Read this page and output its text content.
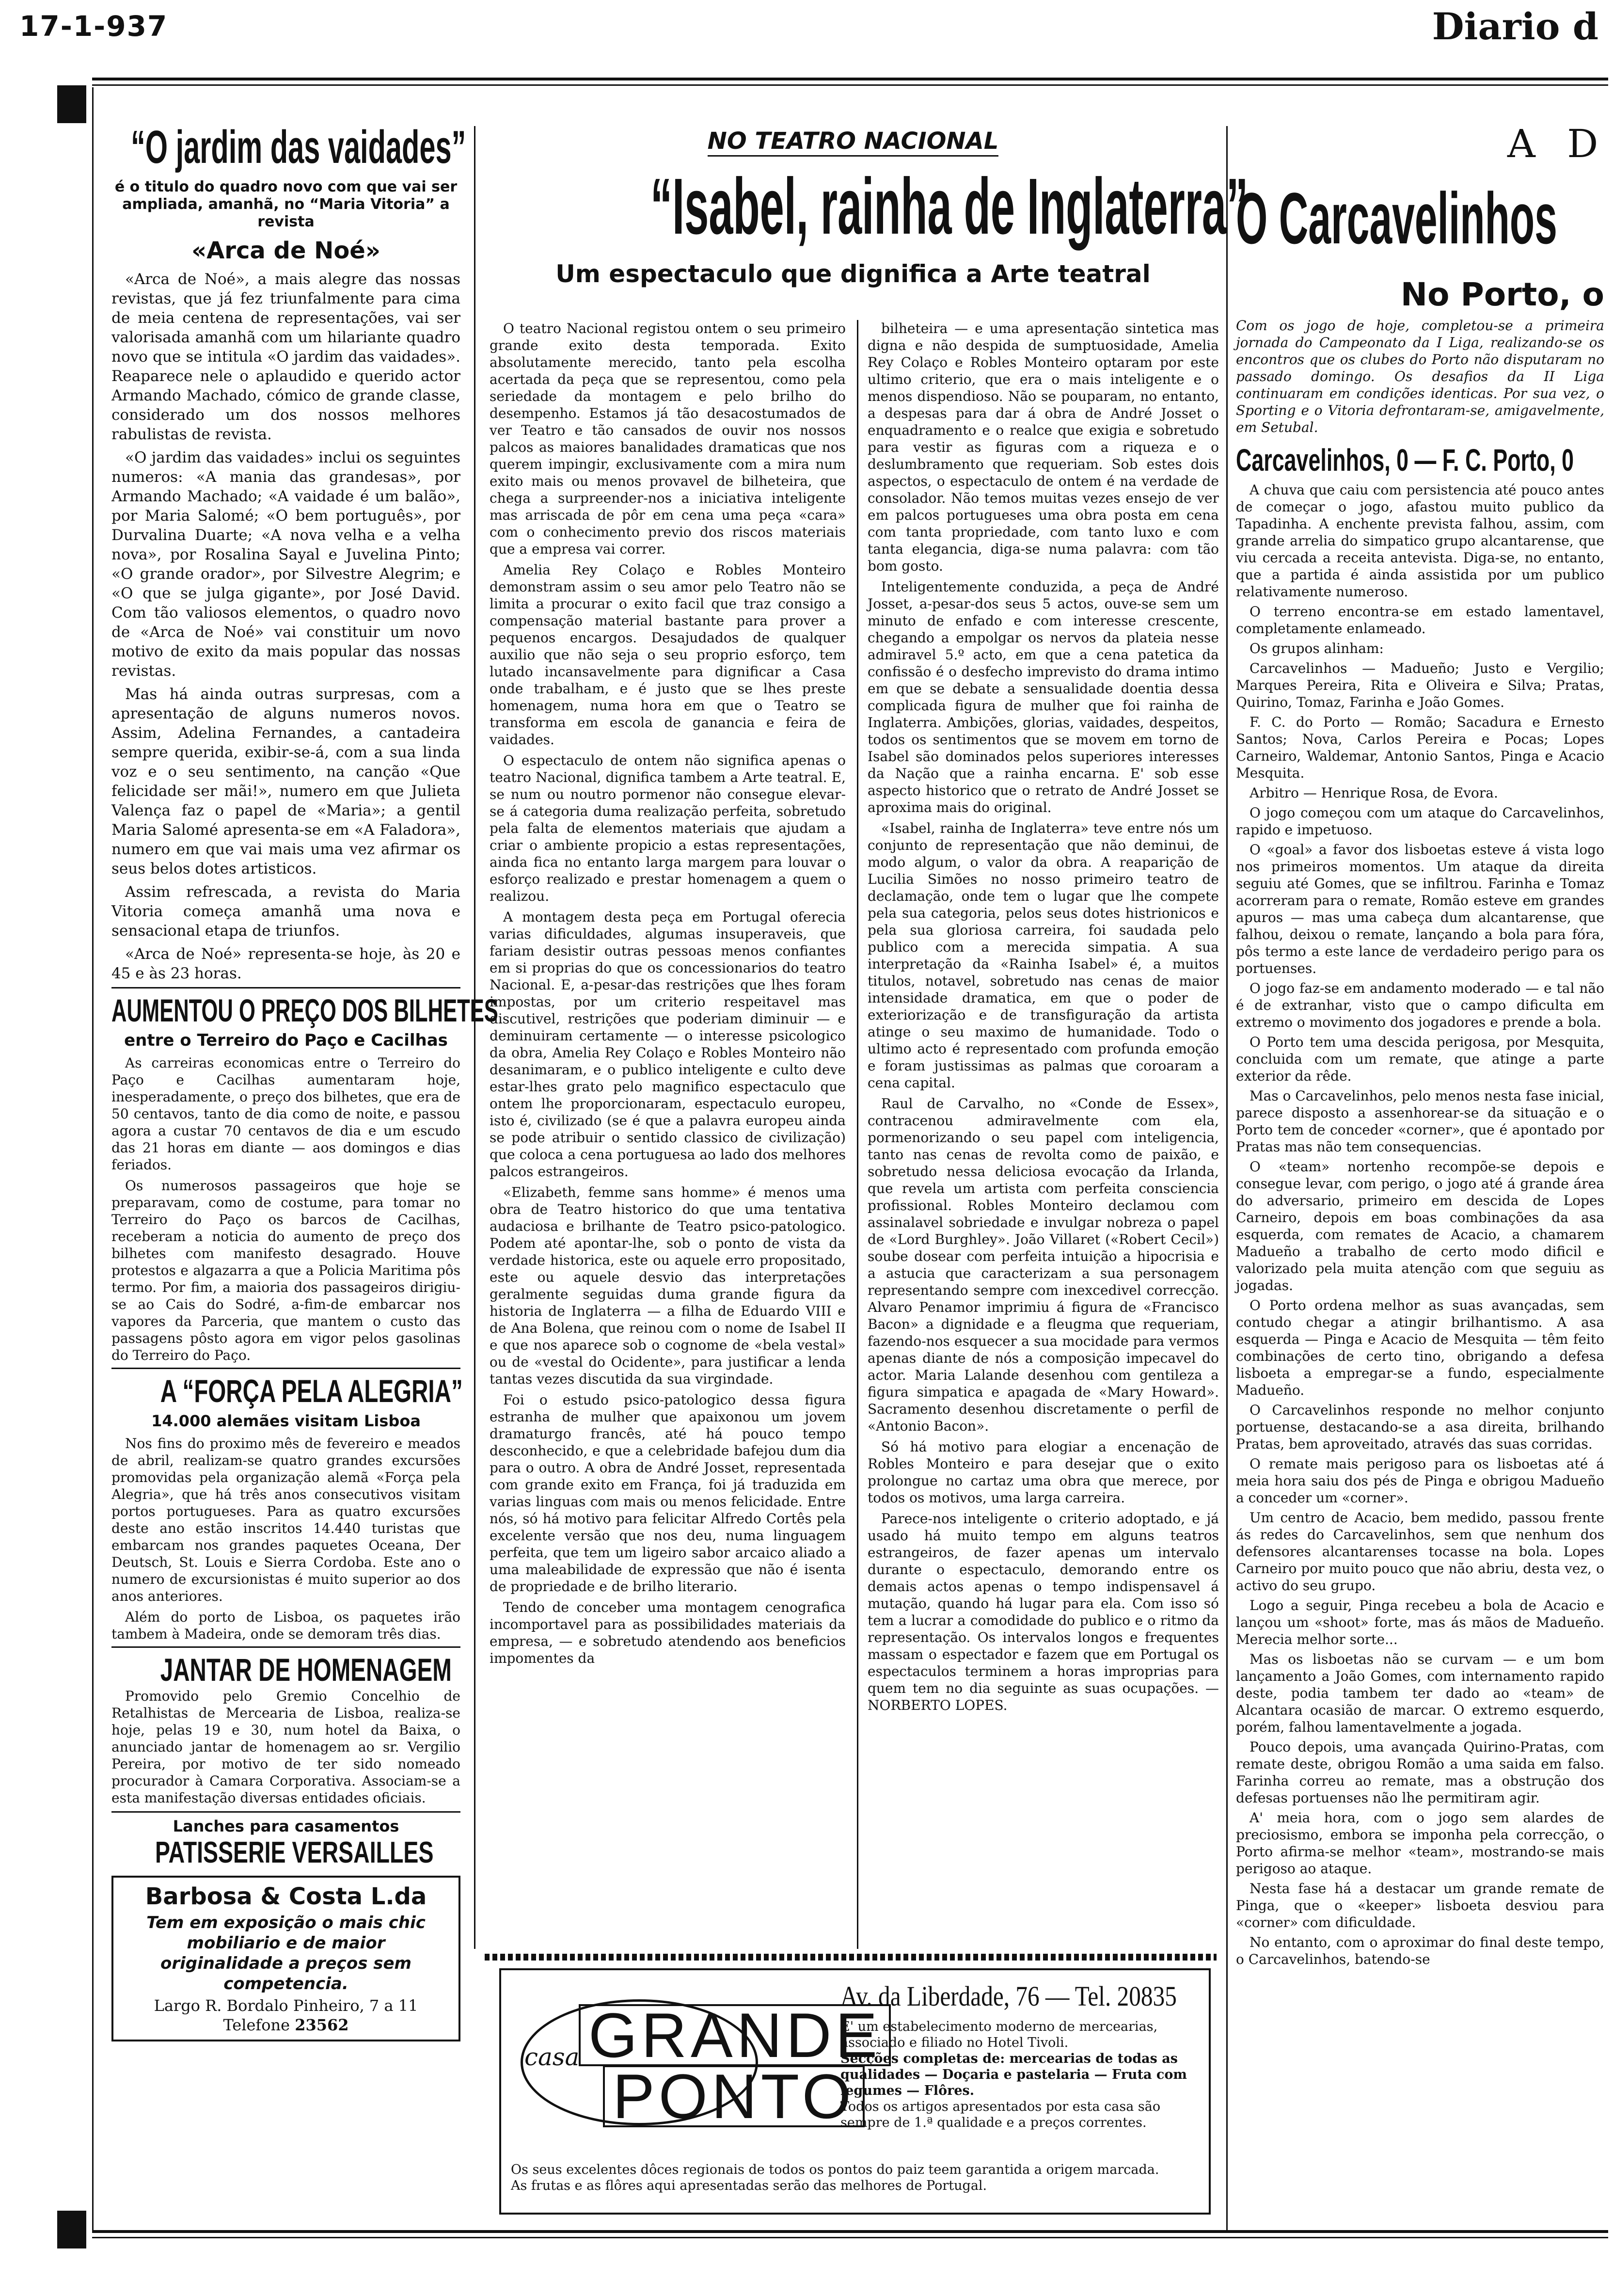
17-1-937	Diario d
“O jardim das vaidades”
é o titulo do quadro novo com que vai ser ampliada, amanhã, no “Maria Vitoria” a revista
«Arca de Noé»

«Arca de Noé», a mais alegre das nossas revistas, que já fez triunfalmente para cima de meia centena de representações, vai ser valorisada amanhã com um hilariante quadro novo que se intitula «O jardim das vaidades». Reaparece nele o aplaudido e querido actor Armando Machado, cómico de grande classe, considerado um dos nossos melhores rabulistas de revista.

«O jardim das vaidades» inclui os seguintes numeros: «A mania das grandesas», por Armando Machado; «A vaidade é um balão», por Maria Salomé; «O bem português», por Durvalina Duarte; «A nova velha e a velha nova», por Rosalina Sayal e Juvelina Pinto; «O grande orador», por Silvestre Alegrim; e «O que se julga gigante», por José David. Com tão valiosos elementos, o quadro novo de «Arca de Noé» vai constituir um novo motivo de exito da mais popular das nossas revistas.

Mas há ainda outras surpresas, com a apresentação de alguns numeros novos. Assim, Adelina Fernandes, a cantadeira sempre querida, exibir-se-á, com a sua linda voz e o seu sentimento, na canção «Que felicidade ser mãi!», numero em que Julieta Valença faz o papel de «Maria»; a gentil Maria Salomé apresenta-se em «A Faladora», numero em que vai mais uma vez afirmar os seus belos dotes artisticos.

Assim refrescada, a revista do Maria Vitoria começa amanhã uma nova e sensacional etapa de triunfos.

«Arca de Noé» representa-se hoje, às 20 e 45 e às 23 horas.

AUMENTOU O PREÇO DOS BILHETES
entre o Terreiro do Paço e Cacilhas

As carreiras economicas entre o Terreiro do Paço e Cacilhas aumentaram hoje, inesperadamente, o preço dos bilhetes, que era de 50 centavos, tanto de dia como de noite, e passou agora a custar 70 centavos de dia e um escudo das 21 horas em diante — aos domingos e dias feriados.

Os numerosos passageiros que hoje se preparavam, como de costume, para tomar no Terreiro do Paço os barcos de Cacilhas, receberam a noticia do aumento de preço dos bilhetes com manifesto desagrado. Houve protestos e algazarra a que a Policia Maritima pôs termo. Por fim, a maioria dos passageiros dirigiu-se ao Cais do Sodré, a-fim-de embarcar nos vapores da Parceria, que mantem o custo das passagens pôsto agora em vigor pelos gasolinas do Terreiro do Paço.

A “FORÇA PELA ALEGRIA”
14.000 alemães visitam Lisboa

Nos fins do proximo mês de fevereiro e meados de abril, realizam-se quatro grandes excursões promovidas pela organização alemã «Força pela Alegria», que há três anos consecutivos visitam portos portugueses. Para as quatro excursões deste ano estão inscritos 14.440 turistas que embarcam nos grandes paquetes Oceana, Der Deutsch, St. Louis e Sierra Cordoba. Este ano o numero de excursionistas é muito superior ao dos anos anteriores.

Além do porto de Lisboa, os paquetes irão tambem à Madeira, onde se demoram três dias.

JANTAR DE HOMENAGEM

Promovido pelo Gremio Concelhio de Retalhistas de Mercearia de Lisboa, realiza-se hoje, pelas 19 e 30, num hotel da Baixa, o anunciado jantar de homenagem ao sr. Vergilio Pereira, por motivo de ter sido nomeado procurador à Camara Corporativa. Associam-se a esta manifestação diversas entidades oficiais.

Lanches para casamentos
PATISSERIE VERSAILLES
Barbosa & Costa L.da
Tem em exposição o mais chic mobiliario e de maior originalidade a preços sem competencia.
Largo R. Bordalo Pinheiro, 7 a 11
Telefone 23562
NO TEATRO NACIONAL
“Isabel, rainha de Inglaterra”
Um espectaculo que dignifica a Arte teatral

O teatro Nacional registou ontem o seu primeiro grande exito desta temporada. Exito absolutamente merecido, tanto pela escolha acertada da peça que se representou, como pela seriedade da montagem e pelo brilho do desempenho. Estamos já tão desacostumados de ver Teatro e tão cansados de ouvir nos nossos palcos as maiores banalidades dramaticas que nos querem impingir, exclusivamente com a mira num exito mais ou menos provavel de bilheteira, que chega a surpreender-nos a iniciativa inteligente mas arriscada de pôr em cena uma peça «cara» com o conhecimento previo dos riscos materiais que a empresa vai correr.

Amelia Rey Colaço e Robles Monteiro demonstram assim o seu amor pelo Teatro não se limita a procurar o exito facil que traz consigo a compensação material bastante para prover a pequenos encargos. Desajudados de qualquer auxilio que não seja o seu proprio esforço, tem lutado incansavelmente para dignificar a Casa onde trabalham, e é justo que se lhes preste homenagem, numa hora em que o Teatro se transforma em escola de ganancia e feira de vaidades.

O espectaculo de ontem não significa apenas o teatro Nacional, dignifica tambem a Arte teatral. E, se num ou noutro pormenor não consegue elevar-se á categoria duma realização perfeita, sobretudo pela falta de elementos materiais que ajudam a criar o ambiente propicio a estas representações, ainda fica no entanto larga margem para louvar o esforço realizado e prestar homenagem a quem o realizou.

A montagem desta peça em Portugal oferecia varias dificuldades, algumas insuperaveis, que fariam desistir outras pessoas menos confiantes em si proprias do que os concessionarios do teatro Nacional. E, a-pesar-das restrições que lhes foram impostas, por um criterio respeitavel mas discutivel, restrições que poderiam diminuir — e deminuiram certamente — o interesse psicologico da obra, Amelia Rey Colaço e Robles Monteiro não desanimaram, e o publico inteligente e culto deve estar-lhes grato pelo magnifico espectaculo que ontem lhe proporcionaram, espectaculo europeu, isto é, civilizado (se é que a palavra europeu ainda se pode atribuir o sentido classico de civilização) que coloca a cena portuguesa ao lado dos melhores palcos estrangeiros.

«Elizabeth, femme sans homme» é menos uma obra de Teatro historico do que uma tentativa audaciosa e brilhante de Teatro psico-patologico. Podem até apontar-lhe, sob o ponto de vista da verdade historica, este ou aquele erro propositado, este ou aquele desvio das interpretações geralmente seguidas duma grande figura da historia de Inglaterra — a filha de Eduardo VIII e de Ana Bolena, que reinou com o nome de Isabel II e que nos aparece sob o cognome de «bela vestal» ou de «vestal do Ocidente», para justificar a lenda tantas vezes discutida da sua virgindade.

Foi o estudo psico-patologico dessa figura estranha de mulher que apaixonou um jovem dramaturgo francês, até há pouco tempo desconhecido, e que a celebridade bafejou dum dia para o outro. A obra de André Josset, representada com grande exito em França, foi já traduzida em varias linguas com mais ou menos felicidade. Entre nós, só há motivo para felicitar Alfredo Cortês pela excelente versão que nos deu, numa linguagem perfeita, que tem um ligeiro sabor arcaico aliado a uma maleabilidade de expressão que não é isenta de propriedade e de brilho literario.

Tendo de conceber uma montagem cenografica incomportavel para as possibilidades materiais da empresa, — e sobretudo atendendo aos beneficios impomentes da

bilheteira — e uma apresentação sintetica mas digna e não despida de sumptuosidade, Amelia Rey Colaço e Robles Monteiro optaram por este ultimo criterio, que era o mais inteligente e o menos dispendioso. Não se pouparam, no entanto, a despesas para dar á obra de André Josset o enquadramento e o realce que exigia e sobretudo para vestir as figuras com a riqueza e o deslumbramento que requeriam. Sob estes dois aspectos, o espectaculo de ontem é na verdade de consolador. Não temos muitas vezes ensejo de ver em palcos portugueses uma obra posta em cena com tanta propriedade, com tanto luxo e com tanta elegancia, diga-se numa palavra: com tão bom gosto.

Inteligentemente conduzida, a peça de André Josset, a-pesar-dos seus 5 actos, ouve-se sem um minuto de enfado e com interesse crescente, chegando a empolgar os nervos da plateia nesse admiravel 5.º acto, em que a cena patetica da confissão é o desfecho imprevisto do drama intimo em que se debate a sensualidade doentia dessa complicada figura de mulher que foi rainha de Inglaterra. Ambições, glorias, vaidades, despeitos, todos os sentimentos que se movem em torno de Isabel são dominados pelos superiores interesses da Nação que a rainha encarna. E' sob esse aspecto historico que o retrato de André Josset se aproxima mais do original.

«Isabel, rainha de Inglaterra» teve entre nós um conjunto de representação que não deminui, de modo algum, o valor da obra. A reaparição de Lucilia Simões no nosso primeiro teatro de declamação, onde tem o lugar que lhe compete pela sua categoria, pelos seus dotes histrionicos e pela sua gloriosa carreira, foi saudada pelo publico com a merecida simpatia. A sua interpretação da «Rainha Isabel» é, a muitos titulos, notavel, sobretudo nas cenas de maior intensidade dramatica, em que o poder de exteriorização e de transfiguração da artista atinge o seu maximo de humanidade. Todo o ultimo acto é representado com profunda emoção e foram justissimas as palmas que coroaram a cena capital.

Raul de Carvalho, no «Conde de Essex», contracenou admiravelmente com ela, pormenorizando o seu papel com inteligencia, tanto nas cenas de revolta como de paixão, e sobretudo nessa deliciosa evocação da Irlanda, que revela um artista com perfeita consciencia profissional. Robles Monteiro declamou com assinalavel sobriedade e invulgar nobreza o papel de «Lord Burghley». João Villaret («Robert Cecil») soube dosear com perfeita intuição a hipocrisia e a astucia que caracterizam a sua personagem representando sempre com inexcedivel correcção. Alvaro Penamor imprimiu á figura de «Francisco Bacon» a dignidade e a fleugma que requeriam, fazendo-nos esquecer a sua mocidade para vermos apenas diante de nós a composição impecavel do actor. Maria Lalande desenhou com gentileza a figura simpatica e apagada de «Mary Howard». Sacramento desenhou discretamente o perfil de «Antonio Bacon».

Só há motivo para elogiar a encenação de Robles Monteiro e para desejar que o exito prolongue no cartaz uma obra que merece, por todos os motivos, uma larga carreira.

Parece-nos inteligente o criterio adoptado, e já usado há muito tempo em alguns teatros estrangeiros, de fazer apenas um intervalo durante o espectaculo, demorando entre os demais actos apenas o tempo indispensavel á mutação, quando há lugar para ela. Com isso só tem a lucrar a comodidade do publico e o ritmo da representação. Os intervalos longos e frequentes massam o espectador e fazem que em Portugal os espectaculos terminem a horas improprias para quem tem no dia seguinte as suas ocupações. — NORBERTO LOPES.

casa GRANDE
PONTO
Av. da Liberdade, 76 — Tel. 20835
E' um estabelecimento moderno de mercearias, associado e filiado no Hotel Tivoli.
Secções completas de: mercearias de todas as qualidades — Doçaria e pastelaria — Fruta com legumes — Flôres.
Todos os artigos apresentados por esta casa são sempre de 1.ª qualidade e a preços correntes.
Os seus excelentes dôces regionais de todos os pontos do paiz teem garantida a origem marcada.
As frutas e as flôres aqui apresentadas serão das melhores de Portugal.
A D
O Carcavelinhos
No Porto, o

Com os jogo de hoje, completou-se a primeira jornada do Campeonato da I Liga, realizando-se os encontros que os clubes do Porto não disputaram no passado domingo. Os desafios da II Liga continuaram em condições identicas. Por sua vez, o Sporting e o Vitoria defrontaram-se, amigavelmente, em Setubal.

Carcavelinhos, 0 — F. C. Porto, 0

A chuva que caiu com persistencia até pouco antes de começar o jogo, afastou muito publico da Tapadinha. A enchente prevista falhou, assim, com grande arrelia do simpatico grupo alcantarense, que viu cercada a receita antevista. Diga-se, no entanto, que a partida é ainda assistida por um publico relativamente numeroso.

O terreno encontra-se em estado lamentavel, completamente enlameado.

Os grupos alinham:

Carcavelinhos — Madueño; Justo e Vergilio; Marques Pereira, Rita e Oliveira e Silva; Pratas, Quirino, Tomaz, Farinha e João Gomes.

F. C. do Porto — Romão; Sacadura e Ernesto Santos; Nova, Carlos Pereira e Pocas; Lopes Carneiro, Waldemar, Antonio Santos, Pinga e Acacio Mesquita.

Arbitro — Henrique Rosa, de Evora.

O jogo começou com um ataque do Carcavelinhos, rapido e impetuoso.

O «goal» a favor dos lisboetas esteve á vista logo nos primeiros momentos. Um ataque da direita seguiu até Gomes, que se infiltrou. Farinha e Tomaz acorreram para o remate, Romão esteve em grandes apuros — mas uma cabeça dum alcantarense, que falhou, deixou o remate, lançando a bola para fóra, pôs termo a este lance de verdadeiro perigo para os portuenses.

O jogo faz-se em andamento moderado — e tal não é de extranhar, visto que o campo dificulta em extremo o movimento dos jogadores e prende a bola.

O Porto tem uma descida perigosa, por Mesquita, concluida com um remate, que atinge a parte exterior da rêde.

Mas o Carcavelinhos, pelo menos nesta fase inicial, parece disposto a assenhorear-se da situação e o Porto tem de conceder «corner», que é apontado por Pratas mas não tem consequencias.

O «team» nortenho recompõe-se depois e consegue levar, com perigo, o jogo até á grande área do adversario, primeiro em descida de Lopes Carneiro, depois em boas combinações da asa esquerda, com remates de Acacio, a chamarem Madueño a trabalho de certo modo dificil e valorizado pela muita atenção com que seguiu as jogadas.

O Porto ordena melhor as suas avançadas, sem contudo chegar a atingir brilhantismo. A asa esquerda — Pinga e Acacio de Mesquita — têm feito combinações de certo tino, obrigando a defesa lisboeta a empregar-se a fundo, especialmente Madueño.

O Carcavelinhos responde no melhor conjunto portuense, destacando-se a asa direita, brilhando Pratas, bem aproveitado, através das suas corridas.

O remate mais perigoso para os lisboetas até á meia hora saiu dos pés de Pinga e obrigou Madueño a conceder um «corner».

Um centro de Acacio, bem medido, passou frente ás redes do Carcavelinhos, sem que nenhum dos defensores alcantarenses tocasse na bola. Lopes Carneiro por muito pouco que não abriu, desta vez, o activo do seu grupo.

Logo a seguir, Pinga recebeu a bola de Acacio e lançou um «shoot» forte, mas ás mãos de Madueño. Merecia melhor sorte...

Mas os lisboetas não se curvam — e um bom lançamento a João Gomes, com internamento rapido deste, podia tambem ter dado ao «team» de Alcantara ocasião de marcar. O extremo esquerdo, porém, falhou lamentavelmente a jogada.

Pouco depois, uma avançada Quirino-Pratas, com remate deste, obrigou Romão a uma saida em falso. Farinha correu ao remate, mas a obstrução dos defesas portuenses não lhe permitiram agir.

A' meia hora, com o jogo sem alardes de preciosismo, embora se imponha pela correcção, o Porto afirma-se melhor «team», mostrando-se mais perigoso ao ataque.

Nesta fase há a destacar um grande remate de Pinga, que o «keeper» lisboeta desviou para «corner» com dificuldade.

No entanto, com o aproximar do final deste tempo, o Carcavelinhos, batendo-se
